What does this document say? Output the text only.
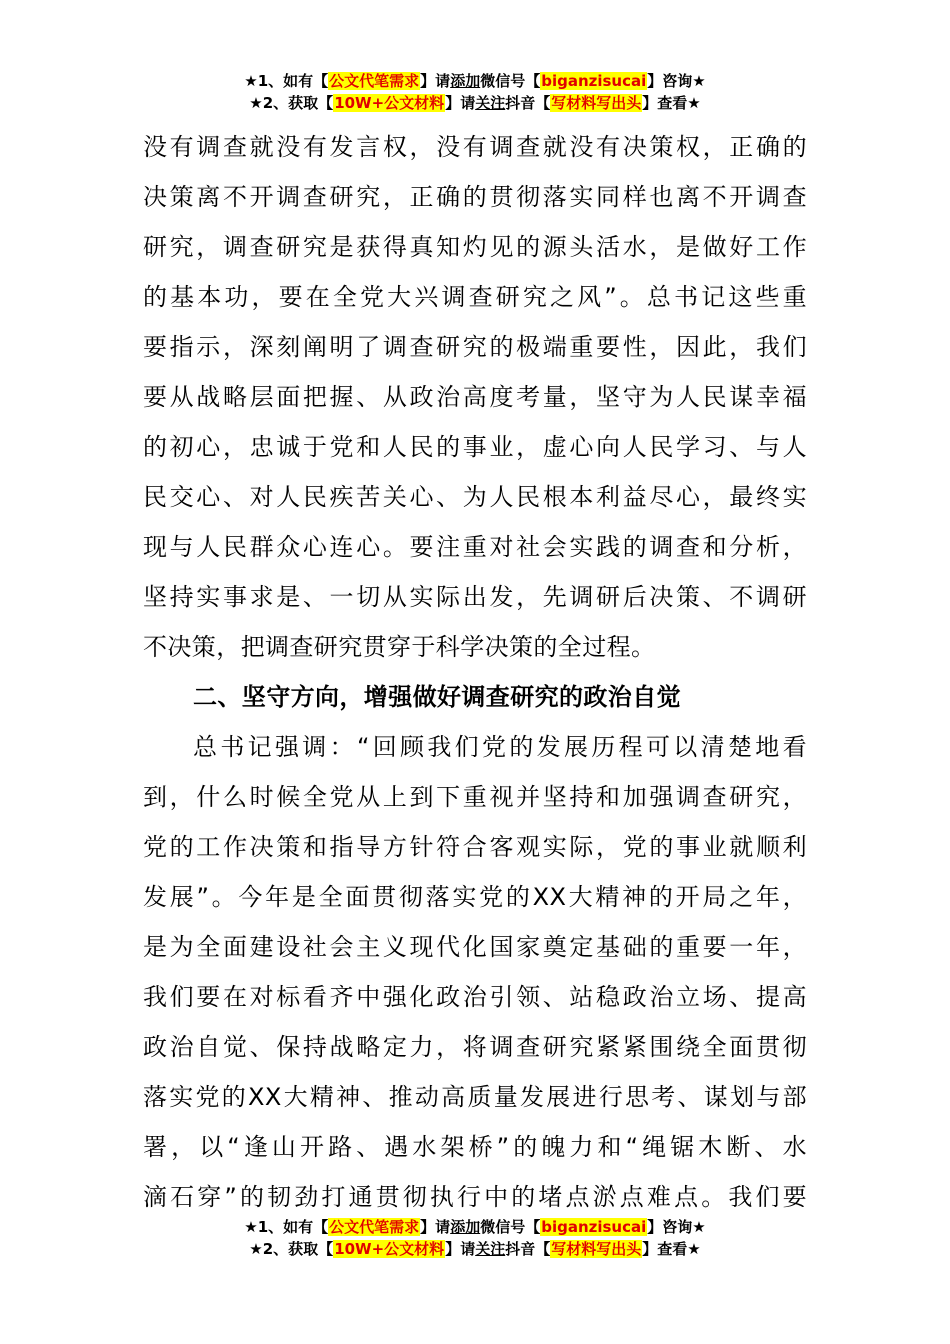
★1、如有【公文代笔需求】请添加微信号【biganzisucai】咨询★
★2、获取【10W+公文材料】请关注抖音【写材料写出头】查看★
没有调查就没有发言权，没有调查就没有决策权，正确的
决策离不开调查研究，正确的贯彻落实同样也离不开调查
研究，调查研究是获得真知灼见的源头活水，是做好工作
的基本功，要在全党大兴调查研究之风”。总书记这些重
要指示，深刻阐明了调查研究的极端重要性，因此，我们
要从战略层面把握、从政治高度考量，坚守为人民谋幸福
的初心，忠诚于党和人民的事业，虚心向人民学习、与人
民交心、对人民疾苦关心、为人民根本利益尽心，最终实
现与人民群众心连心。要注重对社会实践的调查和分析，
坚持实事求是、一切从实际出发，先调研后决策、不调研
不决策，把调查研究贯穿于科学决策的全过程。
二、坚守方向，增强做好调查研究的政治自觉
总书记强调：“回顾我们党的发展历程可以清楚地看
到，什么时候全党从上到下重视并坚持和加强调查研究，
党的工作决策和指导方针符合客观实际，党的事业就顺利
发展”。今年是全面贯彻落实党的XX大精神的开局之年，
是为全面建设社会主义现代化国家奠定基础的重要一年，
我们要在对标看齐中强化政治引领、站稳政治立场、提高
政治自觉、保持战略定力，将调查研究紧紧围绕全面贯彻
落实党的XX大精神、推动高质量发展进行思考、谋划与部
署，以“逢山开路、遇水架桥”的魄力和“绳锯木断、水
滴石穿”的韧劲打通贯彻执行中的堵点淤点难点。我们要
★1、如有【公文代笔需求】请添加微信号【biganzisucai】咨询★
★2、获取【10W+公文材料】请关注抖音【写材料写出头】查看★
